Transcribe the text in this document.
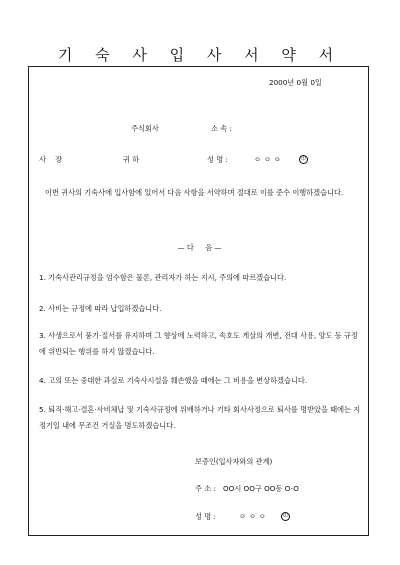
기 숙 사 입 사 서 약 서
2000년 0월 0일
주식회사	소 속 :
사    장	귀 하	성 명 :	ㅇㅇㅇ	印
이번 귀사의 기숙사에 입사함에 있어서 다음 사항을 서약하며 절대로 이를 준수 이행하겠습니다.
— 다     음 —
1. 기숙사관리규정을 엄수함은 물론, 관리자가 하는 지시, 주의에 따르겠습니다.
2. 사비는 규정에 따라 납입하겠습니다.
3. 사생으로서 풍기·질서를 유지하며 그 향상에 노력하고, 속호도 게살의 개변, 전대 사용, 양도 등 규정에 위반되는 행위를 하지 않겠습니다.
4. 고의 또는 중대한 과실로 기숙사시설을 훼손했을 때에는 그 비용을 변상하겠습니다.
5. 퇴직·해고·결혼·사비체납 및 기숙사규정에 위배하거나 기타 회사사정으로 퇴사를 명받았을 때에는 지정기일 내에 무조건 거실을 명도하겠습니다.
보증인(입사자와의 관계)
주 소 : OO시 OO구 OO동 O-O
성 명 :	ㅇㅇㅇ	印
